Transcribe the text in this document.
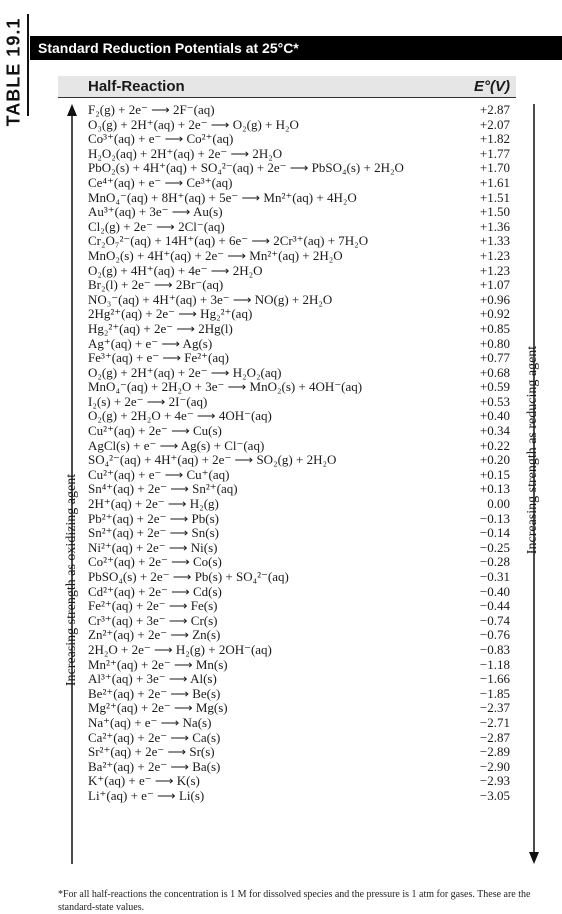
TABLE 19.1 Standard Reduction Potentials at 25°C*
Half-Reaction	E°(V)
Increasing strength as oxidizing agent
Increasing strength as reducing agent
F₂(g) + 2e⁻ ⟶ 2F⁻(aq)	+2.87
O₃(g) + 2H⁺(aq) + 2e⁻ ⟶ O₂(g) + H₂O	+2.07
Co³⁺(aq) + e⁻ ⟶ Co²⁺(aq)	+1.82
H₂O₂(aq) + 2H⁺(aq) + 2e⁻ ⟶ 2H₂O	+1.77
PbO₂(s) + 4H⁺(aq) + SO₄²⁻(aq) + 2e⁻ ⟶ PbSO₄(s) + 2H₂O	+1.70
Ce⁴⁺(aq) + e⁻ ⟶ Ce³⁺(aq)	+1.61
MnO₄⁻(aq) + 8H⁺(aq) + 5e⁻ ⟶ Mn²⁺(aq) + 4H₂O	+1.51
Au³⁺(aq) + 3e⁻ ⟶ Au(s)	+1.50
Cl₂(g) + 2e⁻ ⟶ 2Cl⁻(aq)	+1.36
Cr₂O₇²⁻(aq) + 14H⁺(aq) + 6e⁻ ⟶ 2Cr³⁺(aq) + 7H₂O	+1.33
MnO₂(s) + 4H⁺(aq) + 2e⁻ ⟶ Mn²⁺(aq) + 2H₂O	+1.23
O₂(g) + 4H⁺(aq) + 4e⁻ ⟶ 2H₂O	+1.23
Br₂(l) + 2e⁻ ⟶ 2Br⁻(aq)	+1.07
NO₃⁻(aq) + 4H⁺(aq) + 3e⁻ ⟶ NO(g) + 2H₂O	+0.96
2Hg²⁺(aq) + 2e⁻ ⟶ Hg₂²⁺(aq)	+0.92
Hg₂²⁺(aq) + 2e⁻ ⟶ 2Hg(l)	+0.85
Ag⁺(aq) + e⁻ ⟶ Ag(s)	+0.80
Fe³⁺(aq) + e⁻ ⟶ Fe²⁺(aq)	+0.77
O₂(g) + 2H⁺(aq) + 2e⁻ ⟶ H₂O₂(aq)	+0.68
MnO₄⁻(aq) + 2H₂O + 3e⁻ ⟶ MnO₂(s) + 4OH⁻(aq)	+0.59
I₂(s) + 2e⁻ ⟶ 2I⁻(aq)	+0.53
O₂(g) + 2H₂O + 4e⁻ ⟶ 4OH⁻(aq)	+0.40
Cu²⁺(aq) + 2e⁻ ⟶ Cu(s)	+0.34
AgCl(s) + e⁻ ⟶ Ag(s) + Cl⁻(aq)	+0.22
SO₄²⁻(aq) + 4H⁺(aq) + 2e⁻ ⟶ SO₂(g) + 2H₂O	+0.20
Cu²⁺(aq) + e⁻ ⟶ Cu⁺(aq)	+0.15
Sn⁴⁺(aq) + 2e⁻ ⟶ Sn²⁺(aq)	+0.13
2H⁺(aq) + 2e⁻ ⟶ H₂(g)	0.00
Pb²⁺(aq) + 2e⁻ ⟶ Pb(s)	−0.13
Sn²⁺(aq) + 2e⁻ ⟶ Sn(s)	−0.14
Ni²⁺(aq) + 2e⁻ ⟶ Ni(s)	−0.25
Co²⁺(aq) + 2e⁻ ⟶ Co(s)	−0.28
PbSO₄(s) + 2e⁻ ⟶ Pb(s) + SO₄²⁻(aq)	−0.31
Cd²⁺(aq) + 2e⁻ ⟶ Cd(s)	−0.40
Fe²⁺(aq) + 2e⁻ ⟶ Fe(s)	−0.44
Cr³⁺(aq) + 3e⁻ ⟶ Cr(s)	−0.74
Zn²⁺(aq) + 2e⁻ ⟶ Zn(s)	−0.76
2H₂O + 2e⁻ ⟶ H₂(g) + 2OH⁻(aq)	−0.83
Mn²⁺(aq) + 2e⁻ ⟶ Mn(s)	−1.18
Al³⁺(aq) + 3e⁻ ⟶ Al(s)	−1.66
Be²⁺(aq) + 2e⁻ ⟶ Be(s)	−1.85
Mg²⁺(aq) + 2e⁻ ⟶ Mg(s)	−2.37
Na⁺(aq) + e⁻ ⟶ Na(s)	−2.71
Ca²⁺(aq) + 2e⁻ ⟶ Ca(s)	−2.87
Sr²⁺(aq) + 2e⁻ ⟶ Sr(s)	−2.89
Ba²⁺(aq) + 2e⁻ ⟶ Ba(s)	−2.90
K⁺(aq) + e⁻ ⟶ K(s)	−2.93
Li⁺(aq) + e⁻ ⟶ Li(s)	−3.05
*For all half-reactions the concentration is 1 M for dissolved species and the pressure is 1 atm for gases. These are the standard-state values.
